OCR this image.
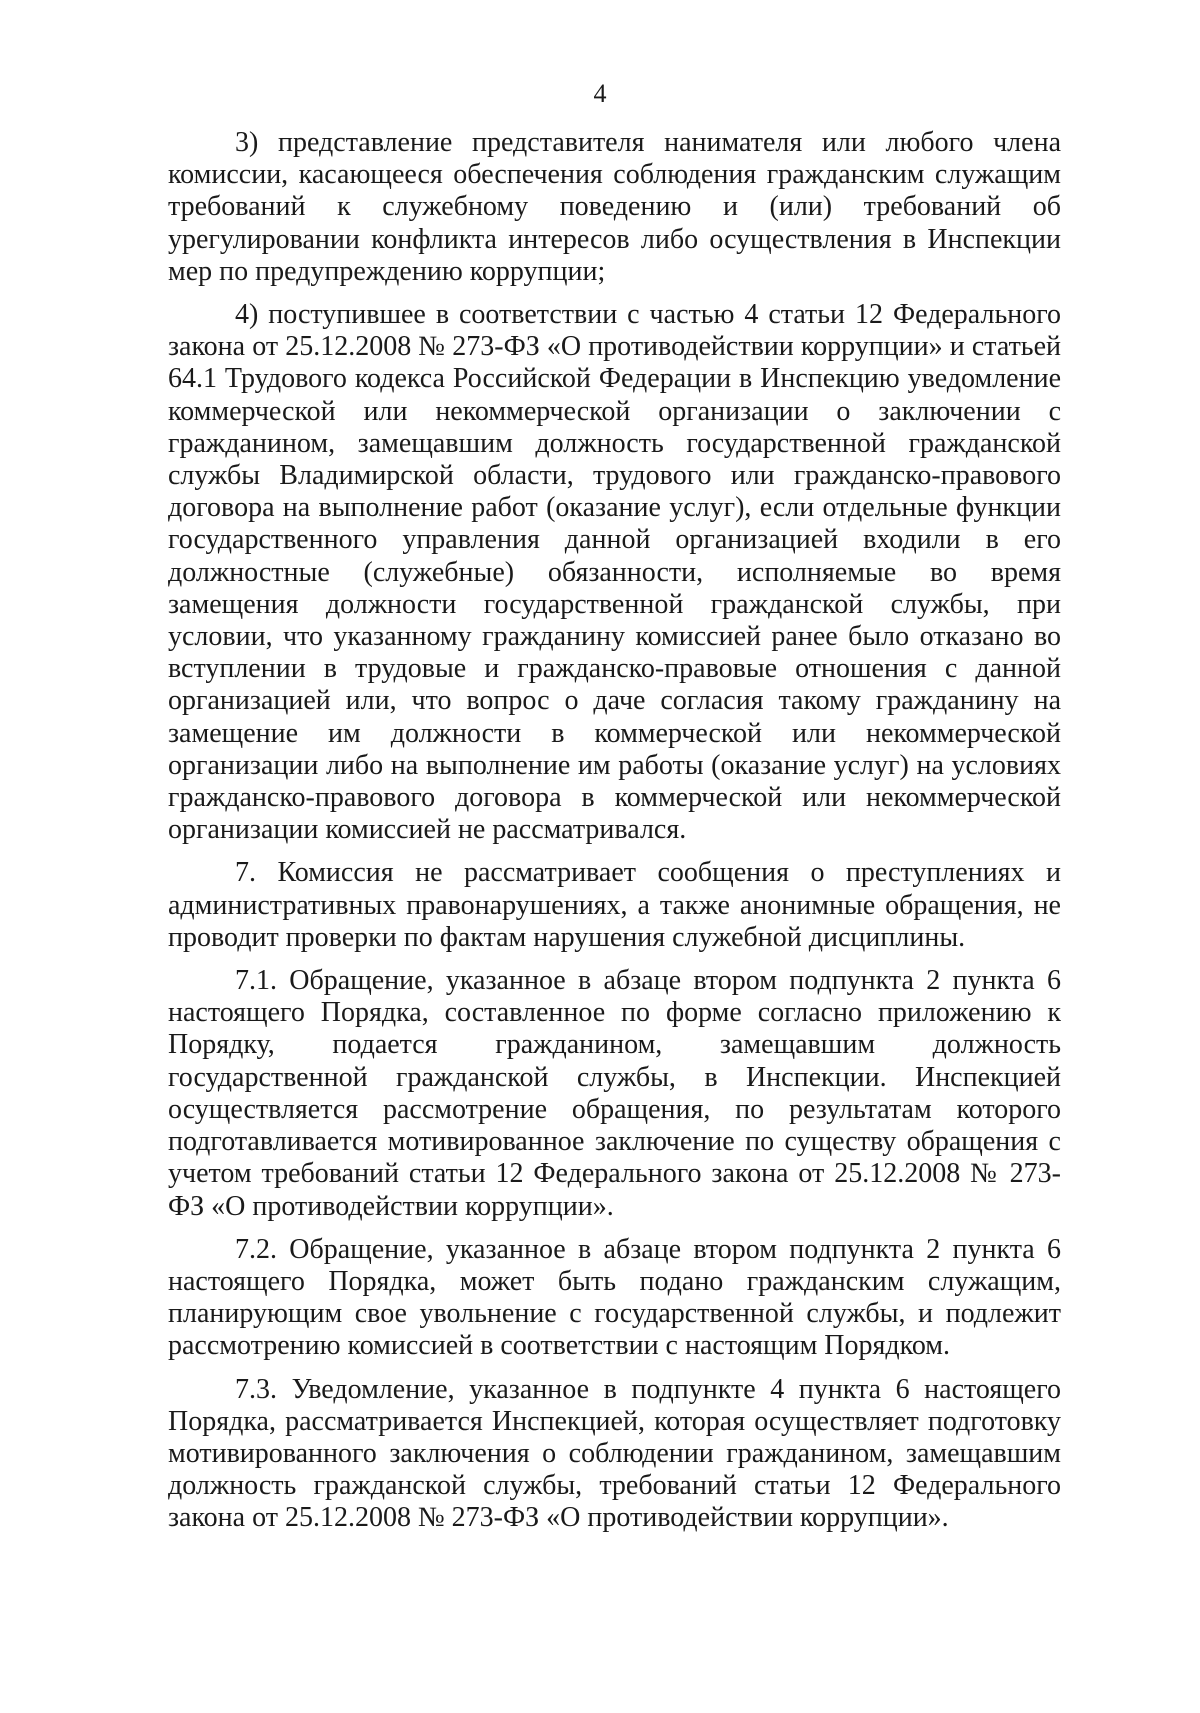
4

3) представление представителя нанимателя или любого члена комиссии, касающееся обеспечения соблюдения гражданским служащим требований к служебному поведению и (или) требований об урегулировании конфликта интересов либо осуществления в Инспекции мер по предупреждению коррупции;

4) поступившее в соответствии с частью 4 статьи 12 Федерального закона от 25.12.2008 № 273-ФЗ «О противодействии коррупции» и статьей 64.1 Трудового кодекса Российской Федерации в Инспекцию уведомление коммерческой или некоммерческой организации о заключении с гражданином, замещавшим должность государственной гражданской службы Владимирской области, трудового или гражданско-правового договора на выполнение работ (оказание услуг), если отдельные функции государственного управления данной организацией входили в его должностные (служебные) обязанности, исполняемые во время замещения должности государственной гражданской службы, при условии, что указанному гражданину комиссией ранее было отказано во вступлении в трудовые и гражданско-правовые отношения с данной организацией или, что вопрос о даче согласия такому гражданину на замещение им должности в коммерческой или некоммерческой организации либо на выполнение им работы (оказание услуг) на условиях гражданско-правового договора в коммерческой или некоммерческой организации комиссией не рассматривался.

7. Комиссия не рассматривает сообщения о преступлениях и административных правонарушениях, а также анонимные обращения, не проводит проверки по фактам нарушения служебной дисциплины.

7.1. Обращение, указанное в абзаце втором подпункта 2 пункта 6 настоящего Порядка, составленное по форме согласно приложению к Порядку, подается гражданином, замещавшим должность государственной гражданской службы, в Инспекции. Инспекцией осуществляется рассмотрение обращения, по результатам которого подготавливается мотивированное заключение по существу обращения с учетом требований статьи 12 Федерального закона от 25.12.2008 № 273-ФЗ «О противодействии коррупции».

7.2. Обращение, указанное в абзаце втором подпункта 2 пункта 6 настоящего Порядка, может быть подано гражданским служащим, планирующим свое увольнение с государственной службы, и подлежит рассмотрению комиссией в соответствии с настоящим Порядком.

7.3. Уведомление, указанное в подпункте 4 пункта 6 настоящего Порядка, рассматривается Инспекцией, которая осуществляет подготовку мотивированного заключения о соблюдении гражданином, замещавшим должность гражданской службы, требований статьи 12 Федерального закона от 25.12.2008 № 273-ФЗ «О противодействии коррупции».
